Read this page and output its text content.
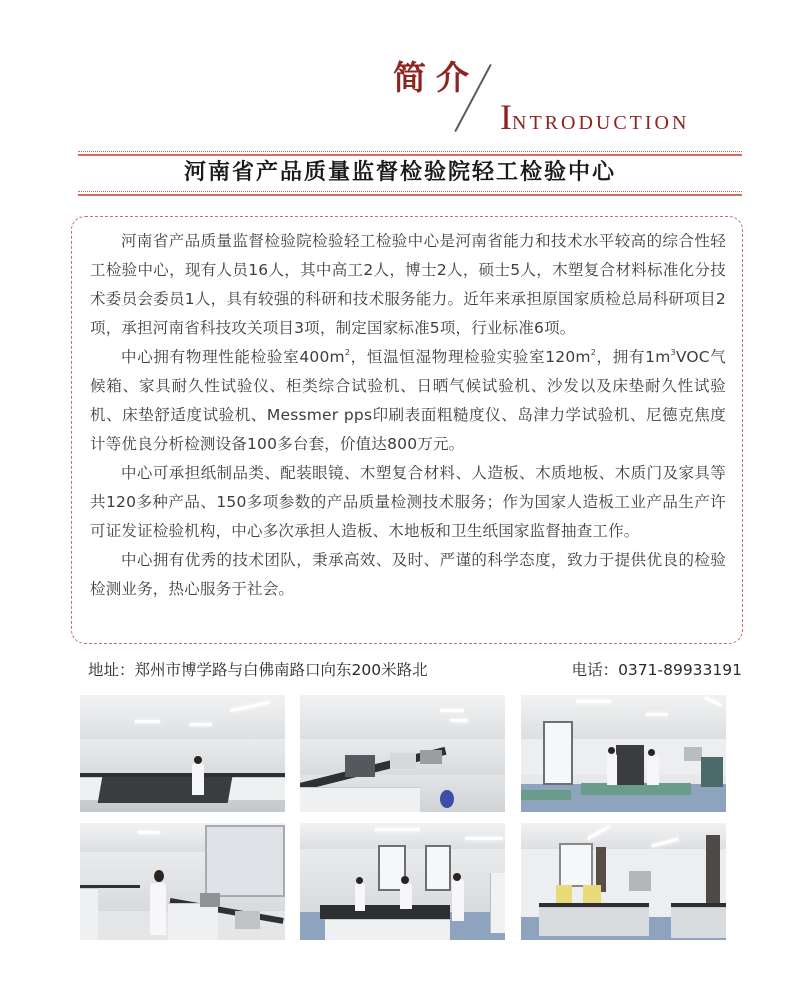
简介
INTRODUCTION
河南省产品质量监督检验院轻工检验中心

河南省产品质量监督检验院检验轻工检验中心是河南省能力和技术水平较高的综合性轻工检验中心，现有人员16人，其中高工2人，博士2人，硕士5人，木塑复合材料标准化分技术委员会委员1人，具有较强的科研和技术服务能力。近年来承担原国家质检总局科研项目2项，承担河南省科技攻关项目3项，制定国家标准5项，行业标准6项。

中心拥有物理性能检验室$400m^2$，恒温恒湿物理检验实验室$120m^2$，拥有$1m^3VOC$气候箱、家具耐久性试验仪、柜类综合试验机、日晒气候试验机、沙发以及床垫耐久性试验机、床垫舒适度试验机、Messmer pps印刷表面粗糙度仪、岛津力学试验机、尼德克焦度计等优良分析检测设备100多台套，价值达800万元。

中心可承担纸制品类、配装眼镜、木塑复合材料、人造板、木质地板、木质门及家具等共120多种产品、150多项参数的产品质量检测技术服务；作为国家人造板工业产品生产许可证发证检验机构，中心多次承担人造板、木地板和卫生纸国家监督抽查工作。

中心拥有优秀的技术团队，秉承高效、及时、严谨的科学态度，致力于提供优良的检验检测业务，热心服务于社会。

地址：郑州市博学路与白佛南路口向东200米路北	电话：0371-89933191
